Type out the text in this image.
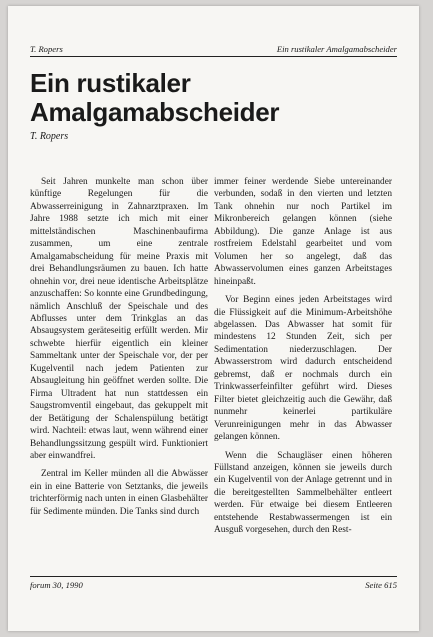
T. Ropers	Ein rustikaler Amalgamabscheider
Ein rustikaler
Amalgamabscheider
T. Ropers

Seit Jahren munkelte man schon über künftige Regelungen für die Abwasserreinigung in Zahnarztpraxen. Im Jahre 1988 setzte ich mich mit einer mittelständischen Maschinenbaufirma zusammen, um eine zentrale Amalgamabscheidung für meine Praxis mit drei Behandlungsräumen zu bauen. Ich hatte ohnehin vor, drei neue identische Arbeitsplätze anzuschaffen: So konnte eine Grundbedingung, nämlich Anschluß der Speischale und des Abflusses unter dem Trinkglas an das Absaugsystem geräteseitig erfüllt werden. Mir schwebte hierfür eigentlich ein kleiner Sammeltank unter der Speischale vor, der per Kugelventil nach jedem Patienten zur Absaugleitung hin geöffnet werden sollte. Die Firma Ultradent hat nun stattdessen ein Saugstromventil eingebaut, das gekuppelt mit der Betätigung der Schalenspülung betätigt wird. Nachteil: etwas laut, wenn während einer Behandlungssitzung gespült wird. Funktioniert aber einwandfrei.

Zentral im Keller münden all die Abwässer ein in eine Batterie von Setztanks, die jeweils trichterförmig nach unten in einen Glasbehälter für Sedimente münden. Die Tanks sind durch

immer feiner werdende Siebe untereinander verbunden, sodaß in den vierten und letzten Tank ohnehin nur noch Partikel im Mikronbereich gelangen können (siehe Abbildung). Die ganze Anlage ist aus rostfreiem Edelstahl gearbeitet und vom Volumen her so angelegt, daß das Abwasservolumen eines ganzen Arbeitstages hineinpaßt.

Vor Beginn eines jeden Arbeitstages wird die Flüssigkeit auf die Minimum-Arbeitshöhe abgelassen. Das Abwasser hat somit für mindestens 12 Stunden Zeit, sich per Sedimentation niederzuschlagen. Der Abwasserstrom wird dadurch entscheidend gebremst, daß er nochmals durch ein Trinkwasserfeinfilter geführt wird. Dieses Filter bietet gleichzeitig auch die Gewähr, daß nunmehr keinerlei partikuläre Verunreinigungen mehr in das Abwasser gelangen können.

Wenn die Schaugläser einen höheren Füllstand anzeigen, können sie jeweils durch ein Kugelventil von der Anlage getrennt und in die bereitgestellten Sammelbehälter entleert werden. Für etwaige bei diesem Entleeren entstehende Restabwassermengen ist ein Ausguß vorgesehen, durch den Rest-

forum 30, 1990	Seite 615
